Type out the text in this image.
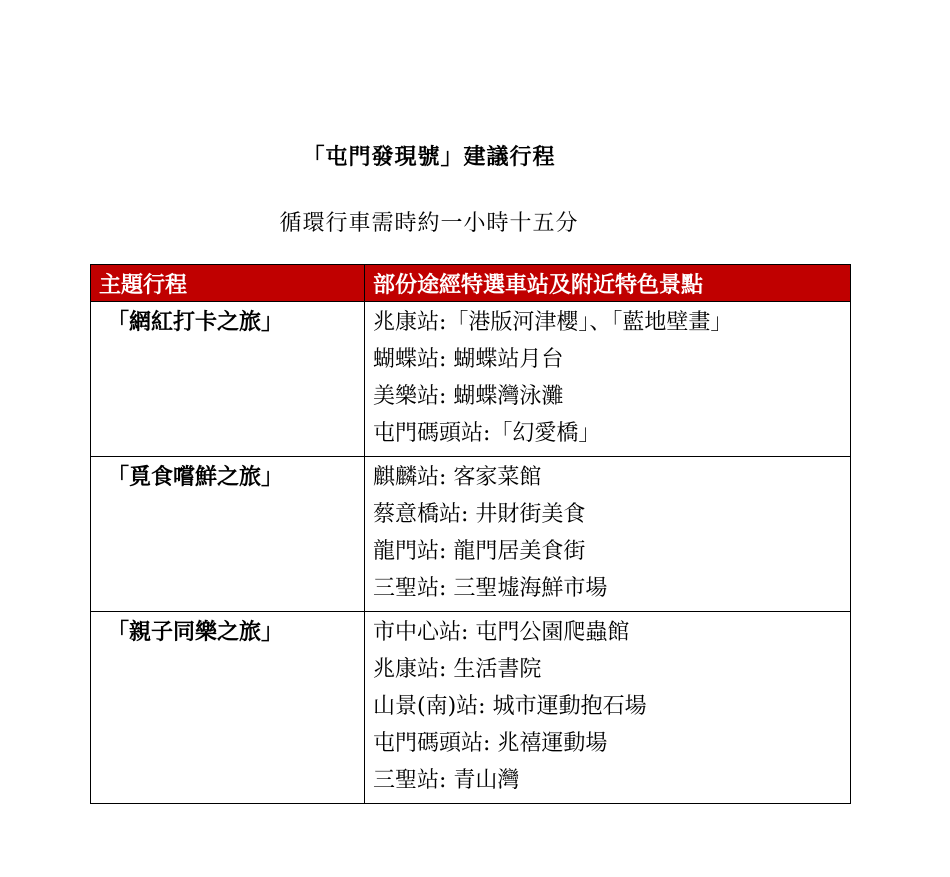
「屯門發現號」建議行程
循環行車需時約一小時十五分
主題行程	部份途經特選車站及附近特色景點

「網紅打卡之旅」	兆康站:「港版河津櫻」、「藍地壁畫」
蝴蝶站: 蝴蝶站月台
美樂站: 蝴蝶灣泳灘
屯門碼頭站:「幻愛橋」

「覓食嚐鮮之旅」	麒麟站: 客家菜館
蔡意橋站: 井財街美食
龍門站: 龍門居美食街
三聖站: 三聖墟海鮮市場

「親子同樂之旅」	市中心站: 屯門公園爬蟲館
兆康站: 生活書院
山景(南)站: 城市運動抱石場
屯門碼頭站: 兆禧運動場
三聖站: 青山灣
